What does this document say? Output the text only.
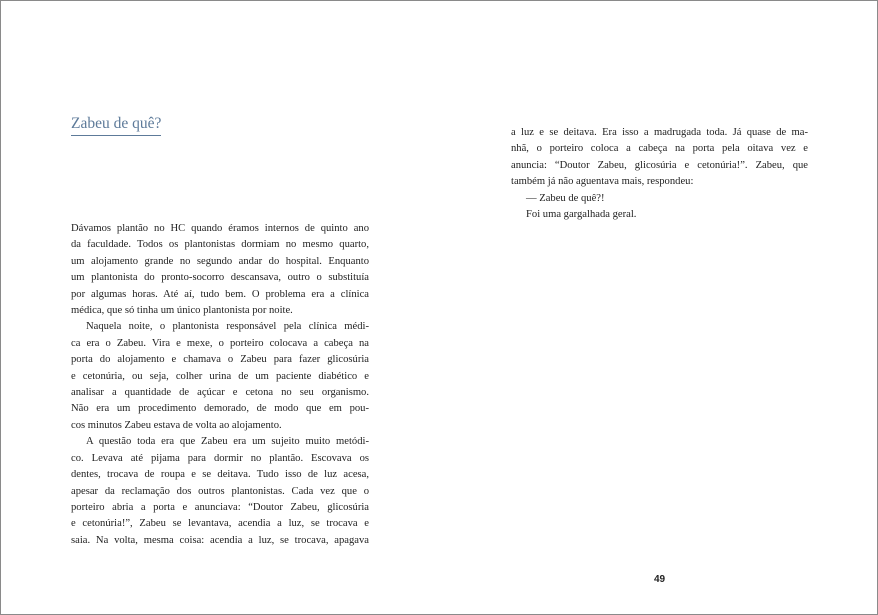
Zabeu de quê?
Dávamos plantão no HC quando éramos internos de quinto ano
da faculdade. Todos os plantonistas dormiam no mesmo quarto,
um alojamento grande no segundo andar do hospital. Enquanto
um plantonista do pronto-socorro descansava, outro o substituía
por algumas horas. Até aí, tudo bem. O problema era a clínica
médica, que só tinha um único plantonista por noite.
Naquela noite, o plantonista responsável pela clínica médi-
ca era o Zabeu. Vira e mexe, o porteiro colocava a cabeça na
porta do alojamento e chamava o Zabeu para fazer glicosúria
e cetonúria, ou seja, colher urina de um paciente diabético e
analisar a quantidade de açúcar e cetona no seu organismo.
Não era um procedimento demorado, de modo que em pou-
cos minutos Zabeu estava de volta ao alojamento.
A questão toda era que Zabeu era um sujeito muito metódi-
co. Levava até pijama para dormir no plantão. Escovava os
dentes, trocava de roupa e se deitava. Tudo isso de luz acesa,
apesar da reclamação dos outros plantonistas. Cada vez que o
porteiro abria a porta e anunciava: “Doutor Zabeu, glicosúria
e cetonúria!”, Zabeu se levantava, acendia a luz, se trocava e
saia. Na volta, mesma coisa: acendia a luz, se trocava, apagava
a luz e se deitava. Era isso a madrugada toda. Já quase de ma-
nhã, o porteiro coloca a cabeça na porta pela oitava vez e
anuncia: “Doutor Zabeu, glicosúria e cetonúria!”. Zabeu, que
também já não aguentava mais, respondeu:
— Zabeu de quê?!
Foi uma gargalhada geral.
49
